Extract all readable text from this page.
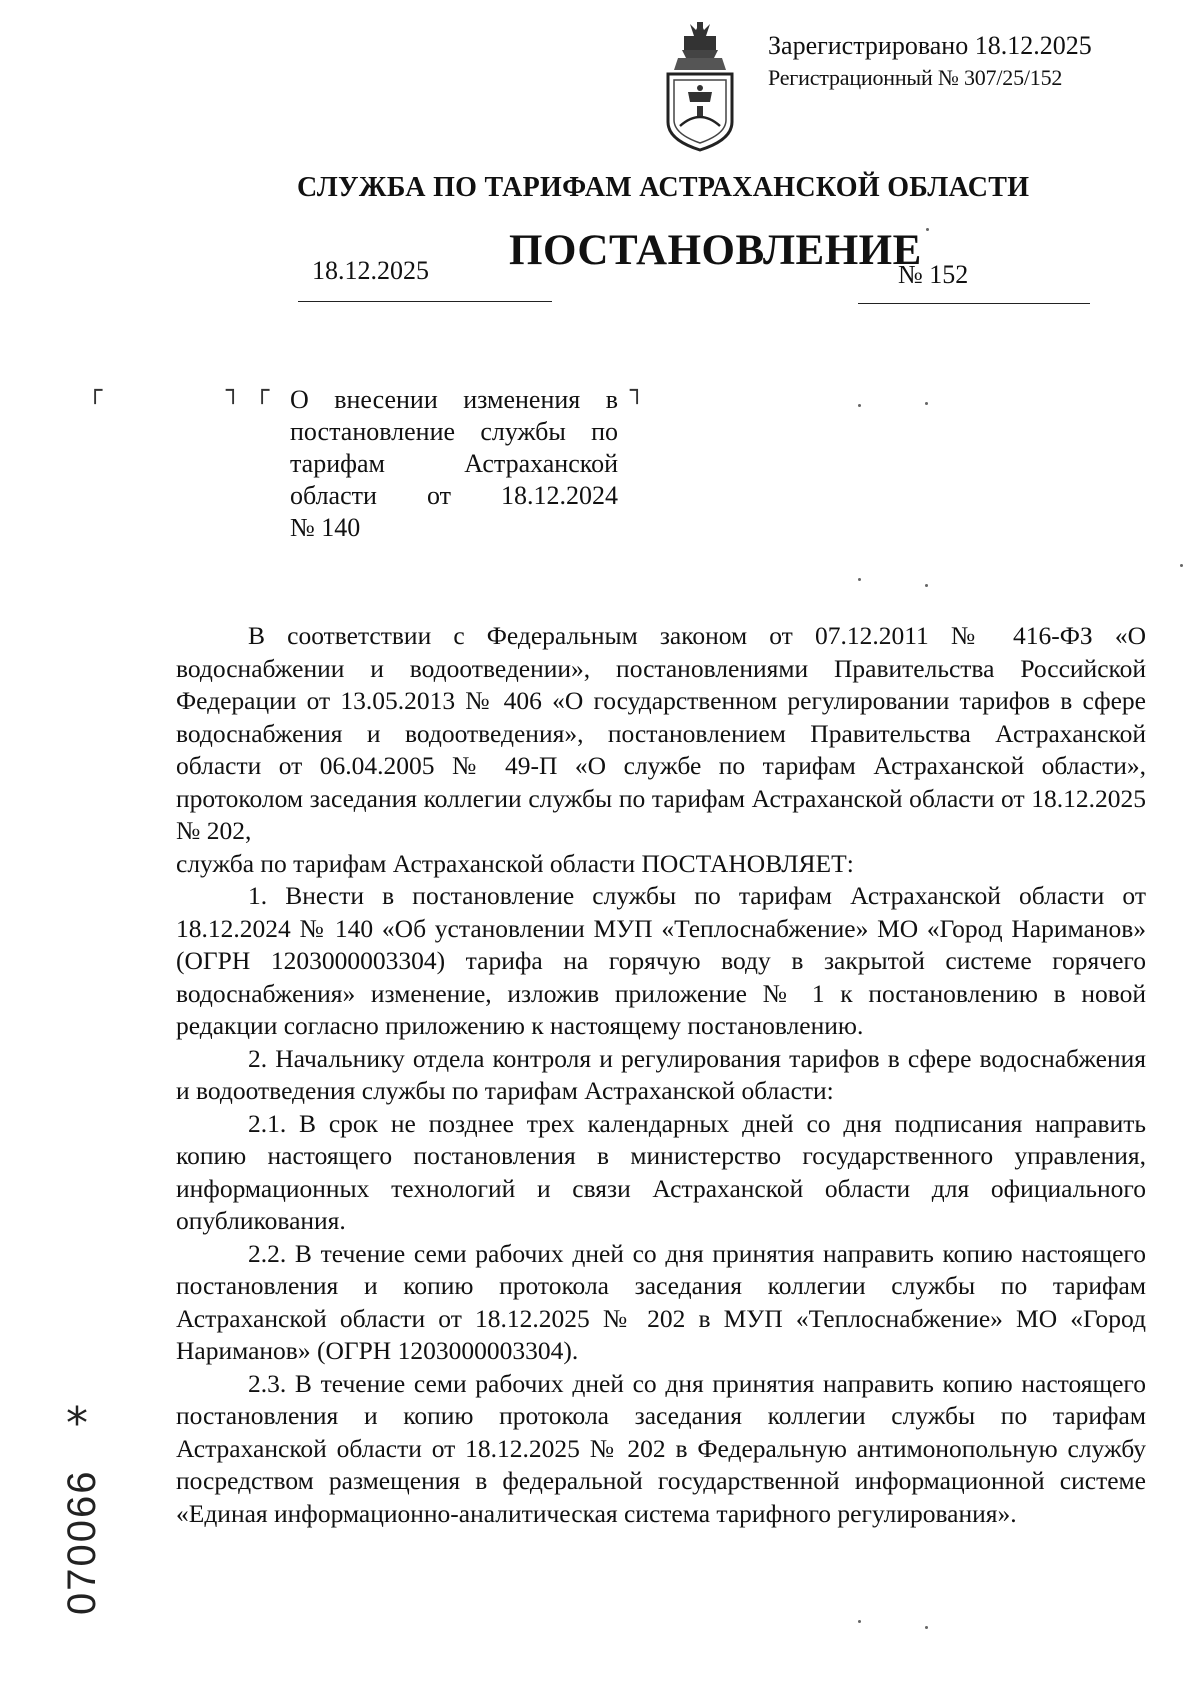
Зарегистрировано 18.12.2025
Регистрационный № 307/25/152
СЛУЖБА ПО ТАРИФАМ АСТРАХАНСКОЙ ОБЛАСТИ
ПОСТАНОВЛЕНИЕ
18.12.2025	№ 152
┌	┐ ┌	┐
О внесении изменения в
постановление службы по
тарифам Астраханской
области от 18.12.2024
№ 140

В соответствии с Федеральным законом от 07.12.2011 № 416-ФЗ «О водоснабжении и водоотведении», постановлениями Правительства Российской Федерации от 13.05.2013 № 406 «О государственном регулировании тарифов в сфере водоснабжения и водоотведения», постановлением Правительства Астраханской области от 06.04.2005 № 49-П «О службе по тарифам Астраханской области», протоколом заседания коллегии службы по тарифам Астраханской области от 18.12.2025 № 202,

служба по тарифам Астраханской области ПОСТАНОВЛЯЕТ:

1. Внести в постановление службы по тарифам Астраханской области от 18.12.2024 № 140 «Об установлении МУП «Теплоснабжение» МО «Город Нариманов» (ОГРН 1203000003304) тарифа на горячую воду в закрытой системе горячего водоснабжения» изменение, изложив приложение № 1 к постановлению в новой редакции согласно приложению к настоящему постановлению.

2. Начальнику отдела контроля и регулирования тарифов в сфере водоснабжения и водоотведения службы по тарифам Астраханской области:

2.1. В срок не позднее трех календарных дней со дня подписания направить копию настоящего постановления в министерство государственного управления, информационных технологий и связи Астраханской области для официального опубликования.

2.2. В течение семи рабочих дней со дня принятия направить копию настоящего постановления и копию протокола заседания коллегии службы по тарифам Астраханской области от 18.12.2025 № 202 в МУП «Теплоснабжение» МО «Город Нариманов» (ОГРН 1203000003304).

2.3. В течение семи рабочих дней со дня принятия направить копию настоящего постановления и копию протокола заседания коллегии службы по тарифам Астраханской области от 18.12.2025 № 202 в Федеральную антимонопольную службу посредством размещения в федеральной государственной информационной системе «Единая информационно-аналитическая система тарифного регулирования».

*
070066
